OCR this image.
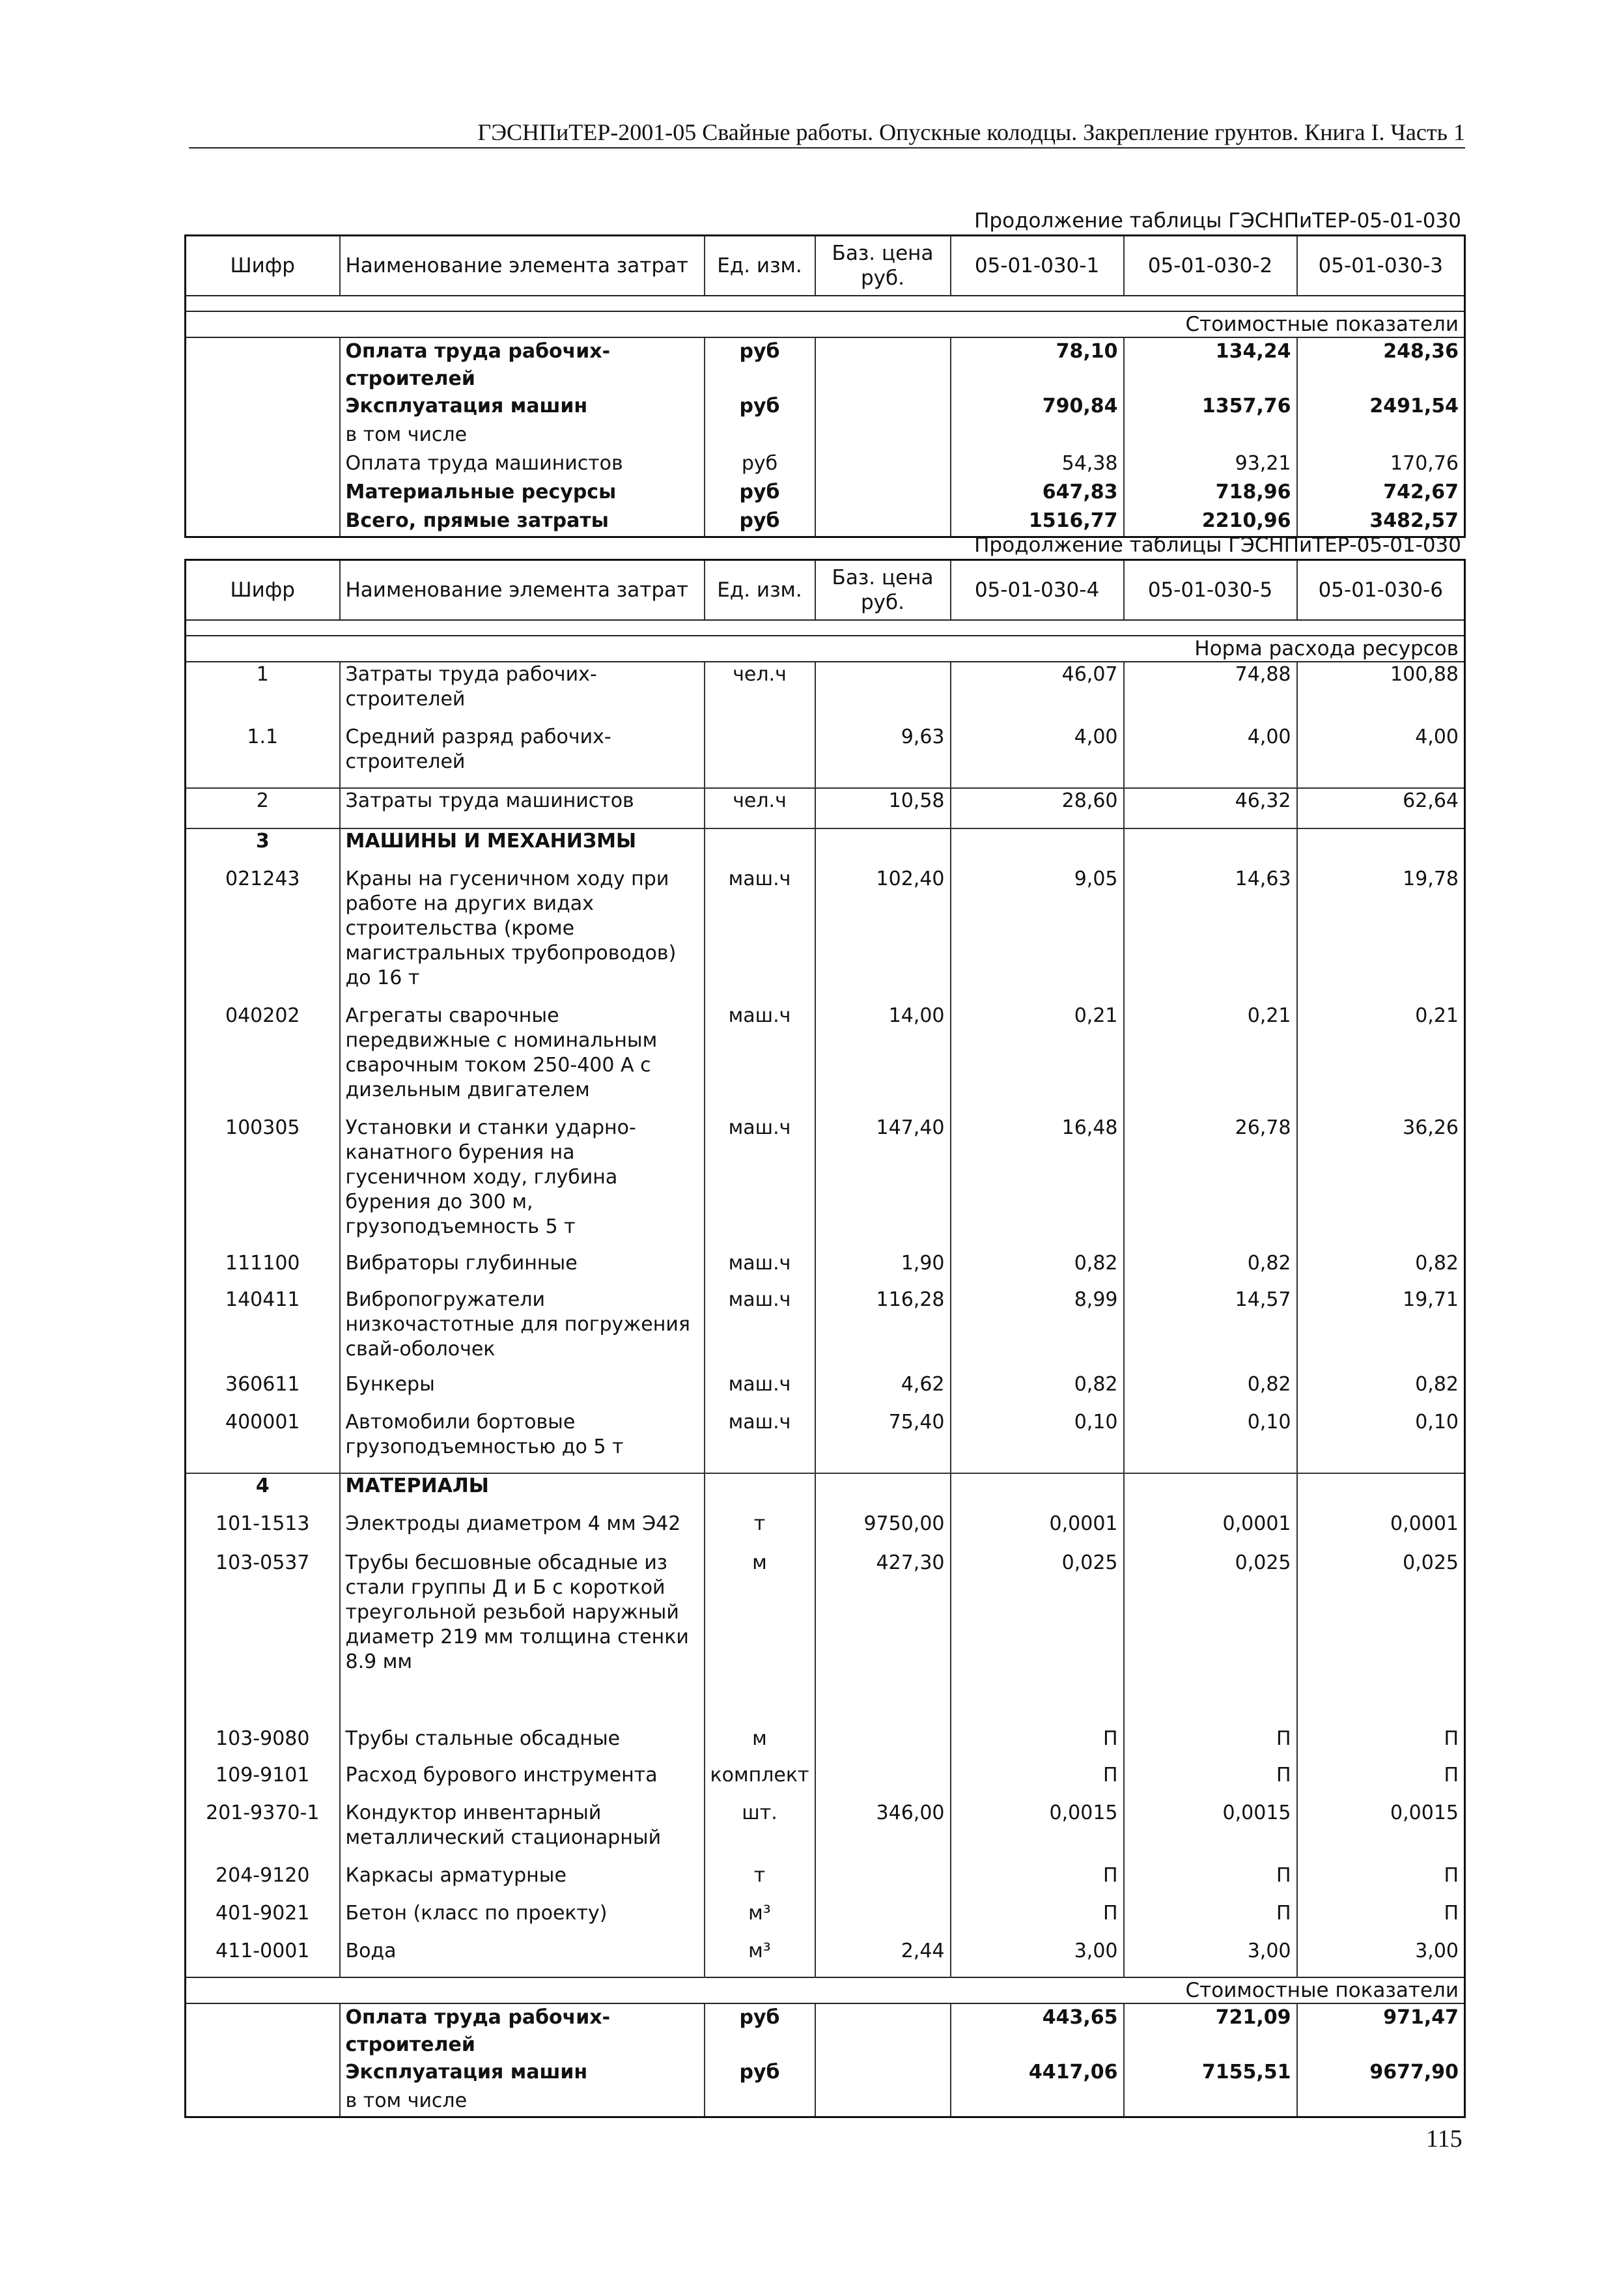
ГЭСНПиТЕР-2001-05 Свайные работы. Опускные колодцы. Закрепление грунтов. Книга I. Часть 1
Продолжение таблицы ГЭСНПиТЕР-05-01-030
Шифр	Наименование элемента затрат	Ед. изм.	Баз. цена руб.	05-01-030-1	05-01-030-2	05-01-030-3

Стоимостные показатели						
	Оплата труда рабочих-строителей	руб		78,10	134,24	248,36
	Эксплуатация машин	руб		790,84	1357,76	2491,54
	в том числе					
	Оплата труда машинистов	руб		54,38	93,21	170,76
	Материальные ресурсы	руб		647,83	718,96	742,67
	Всего, прямые затраты	руб		1516,77	2210,96	3482,57
Продолжение таблицы ГЭСНПиТЕР-05-01-030
Шифр	Наименование элемента затрат	Ед. изм.	Баз. цена руб.	05-01-030-4	05-01-030-5	05-01-030-6

Норма расхода ресурсов						
1	Затраты труда рабочих-строителей	чел.ч		46,07	74,88	100,88
1.1	Средний разряд рабочих-строителей		9,63	4,00	4,00	4,00
2	Затраты труда машинистов	чел.ч	10,58	28,60	46,32	62,64
3	МАШИНЫ И МЕХАНИЗМЫ					
021243	Краны на гусеничном ходу при работе на других видах строительства (кроме магистральных трубопроводов) до 16 т	маш.ч	102,40	9,05	14,63	19,78
040202	Агрегаты сварочные передвижные с номинальным сварочным током 250-400 А с дизельным двигателем	маш.ч	14,00	0,21	0,21	0,21
100305	Установки и станки ударно-канатного бурения на гусеничном ходу, глубина бурения до 300 м, грузоподъемность 5 т	маш.ч	147,40	16,48	26,78	36,26
111100	Вибраторы глубинные	маш.ч	1,90	0,82	0,82	0,82
140411	Вибропогружатели низкочастотные для погружения свай-оболочек	маш.ч	116,28	8,99	14,57	19,71
360611	Бункеры	маш.ч	4,62	0,82	0,82	0,82
400001	Автомобили бортовые грузоподъемностью до 5 т	маш.ч	75,40	0,10	0,10	0,10
4	МАТЕРИАЛЫ					
101-1513	Электроды диаметром 4 мм Э42	т	9750,00	0,0001	0,0001	0,0001
103-0537	Трубы бесшовные обсадные из стали группы Д и Б с короткой треугольной резьбой наружный диаметр 219 мм толщина стенки 8.9 мм	м	427,30	0,025	0,025	0,025
103-9080	Трубы стальные обсадные	м		П	П	П
109-9101	Расход бурового инструмента	комплект		П	П	П
201-9370-1	Кондуктор инвентарный металлический стационарный	шт.	346,00	0,0015	0,0015	0,0015
204-9120	Каркасы арматурные	т		П	П	П
401-9021	Бетон (класс по проекту)	м³		П	П	П
411-0001	Вода	м³	2,44	3,00	3,00	3,00
Стоимостные показатели						
	Оплата труда рабочих-строителей	руб		443,65	721,09	971,47
	Эксплуатация машин	руб		4417,06	7155,51	9677,90
	в том числе					
115
